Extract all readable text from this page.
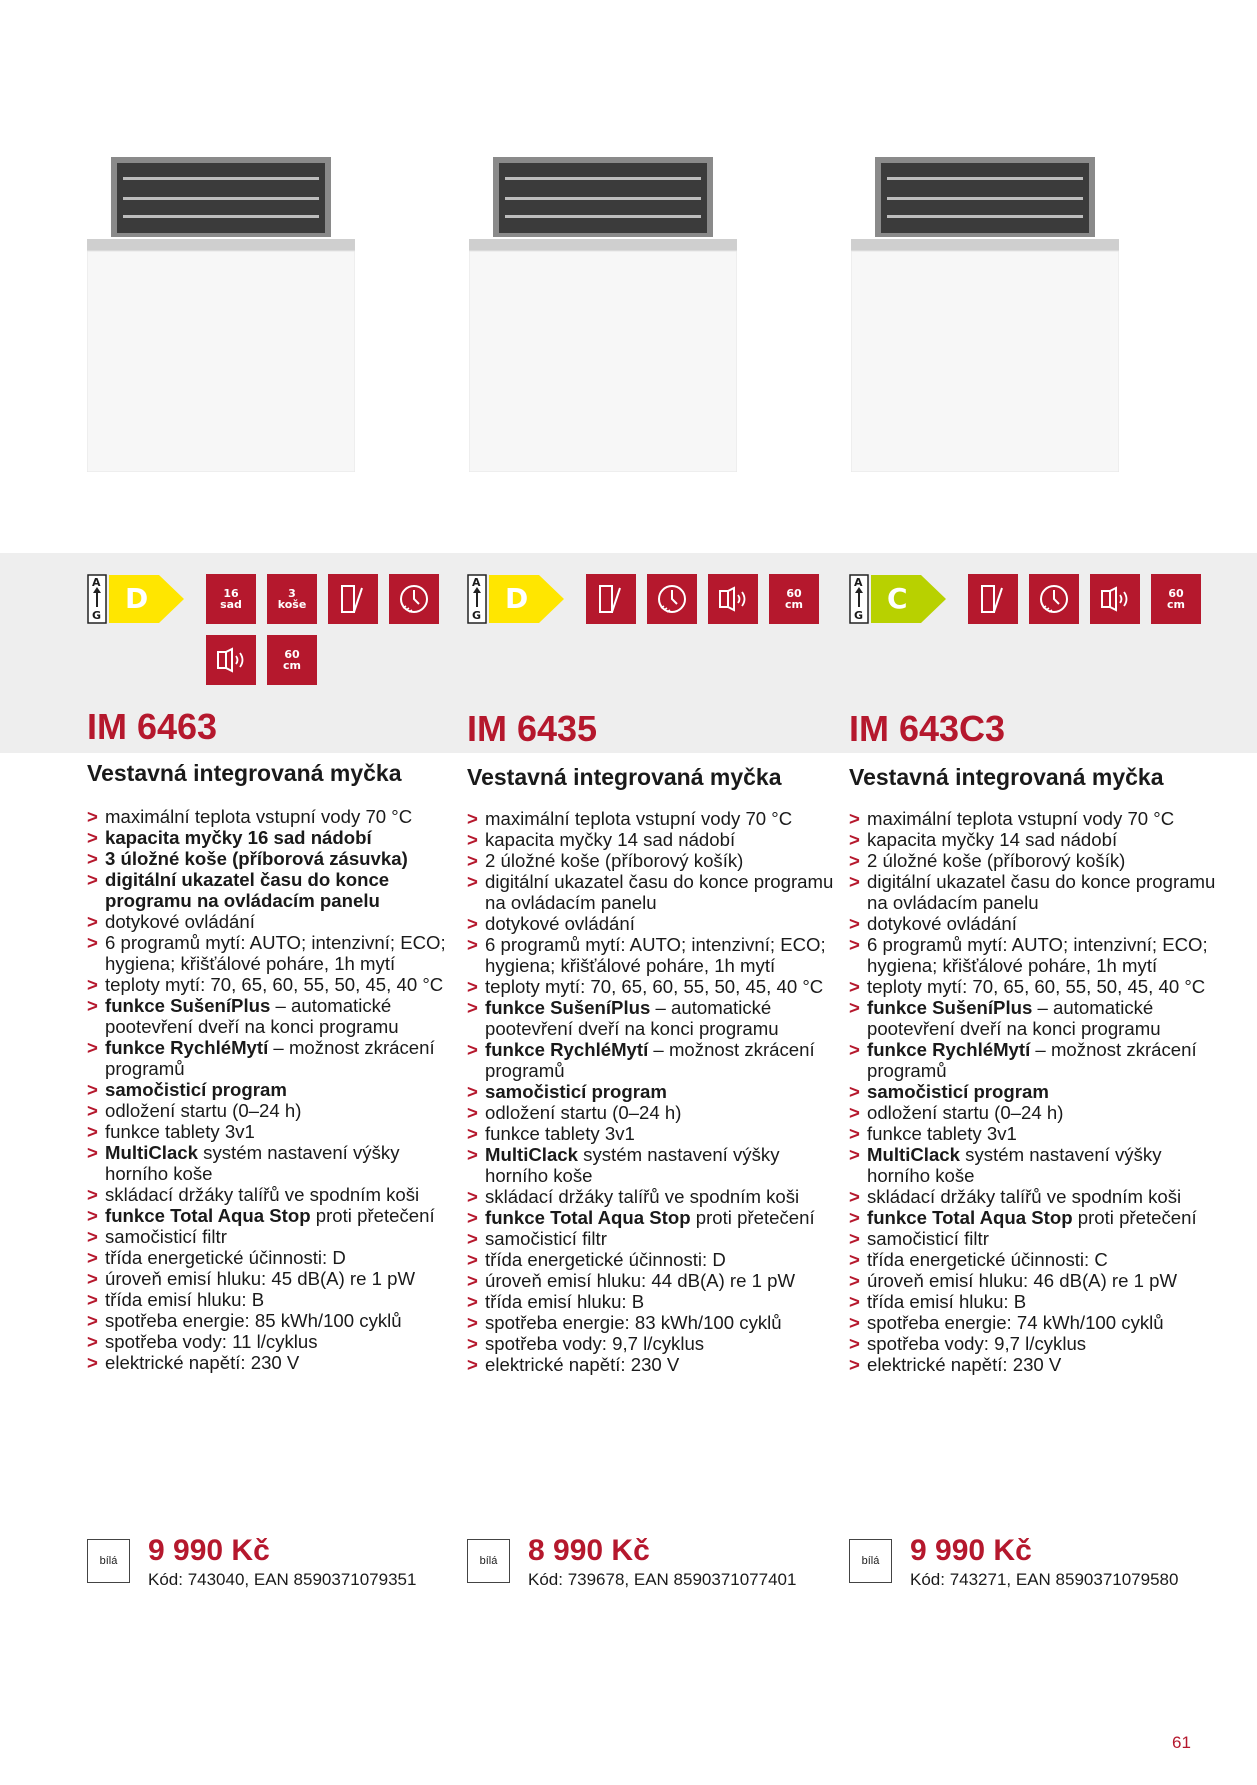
A
G
D	16
sad
3
koše
60
cm
IM 6463
Vestavná integrovaná myčka
> maximální teplota vstupní vody 70 °C
> kapacita myčky 16 sad nádobí
> 3 úložné koše (příborová zásuvka)
> digitální ukazatel času do konce programu na ovládacím panelu
> dotykové ovládání
> 6 programů mytí: AUTO; intenzivní; ECO; hygiena; křišťálové poháre, 1h mytí
> teploty mytí: 70, 65, 60, 55, 50, 45, 40 °C
> funkce SušeníPlus – automatické pootevření dveří na konci programu
> funkce RychléMytí – možnost zkrácení programů
> samočisticí program
> odložení startu (0–24 h)
> funkce tablety 3v1
> MultiClack systém nastavení výšky horního koše
> skládací držáky talířů ve spodním koši
> funkce Total Aqua Stop proti přetečení
> samočisticí filtr
> třída energetické účinnosti: D
> úroveň emisí hluku: 45 dB(A) re 1 pW
> třída emisí hluku: B
> spotřeba energie: 85 kWh/100 cyklů
> spotřeba vody: 11 l/cyklus
> elektrické napětí: 230 V
bílá	9 990 Kč
Kód: 743040, EAN 8590371079351
A
G
D	60
cm
IM 6435
Vestavná integrovaná myčka
> maximální teplota vstupní vody 70 °C
> kapacita myčky 14 sad nádobí
> 2 úložné koše (příborový košík)
> digitální ukazatel času do konce programu na ovládacím panelu
> dotykové ovládání
> 6 programů mytí: AUTO; intenzivní; ECO; hygiena; křišťálové poháre, 1h mytí
> teploty mytí: 70, 65, 60, 55, 50, 45, 40 °C
> funkce SušeníPlus – automatické pootevření dveří na konci programu
> funkce RychléMytí – možnost zkrácení programů
> samočisticí program
> odložení startu (0–24 h)
> funkce tablety 3v1
> MultiClack systém nastavení výšky horního koše
> skládací držáky talířů ve spodním koši
> funkce Total Aqua Stop proti přetečení
> samočisticí filtr
> třída energetické účinnosti: D
> úroveň emisí hluku: 44 dB(A) re 1 pW
> třída emisí hluku: B
> spotřeba energie: 83 kWh/100 cyklů
> spotřeba vody: 9,7 l/cyklus
> elektrické napětí: 230 V
bílá	8 990 Kč
Kód: 739678, EAN 8590371077401
A
G
C	60
cm
IM 643C3
Vestavná integrovaná myčka
> maximální teplota vstupní vody 70 °C
> kapacita myčky 14 sad nádobí
> 2 úložné koše (příborový košík)
> digitální ukazatel času do konce programu na ovládacím panelu
> dotykové ovládání
> 6 programů mytí: AUTO; intenzivní; ECO; hygiena; křišťálové poháre, 1h mytí
> teploty mytí: 70, 65, 60, 55, 50, 45, 40 °C
> funkce SušeníPlus – automatické pootevření dveří na konci programu
> funkce RychléMytí – možnost zkrácení programů
> samočisticí program
> odložení startu (0–24 h)
> funkce tablety 3v1
> MultiClack systém nastavení výšky horního koše
> skládací držáky talířů ve spodním koši
> funkce Total Aqua Stop proti přetečení
> samočisticí filtr
> třída energetické účinnosti: C
> úroveň emisí hluku: 46 dB(A) re 1 pW
> třída emisí hluku: B
> spotřeba energie: 74 kWh/100 cyklů
> spotřeba vody: 9,7 l/cyklus
> elektrické napětí: 230 V
bílá	9 990 Kč
Kód: 743271, EAN 8590371079580
61
